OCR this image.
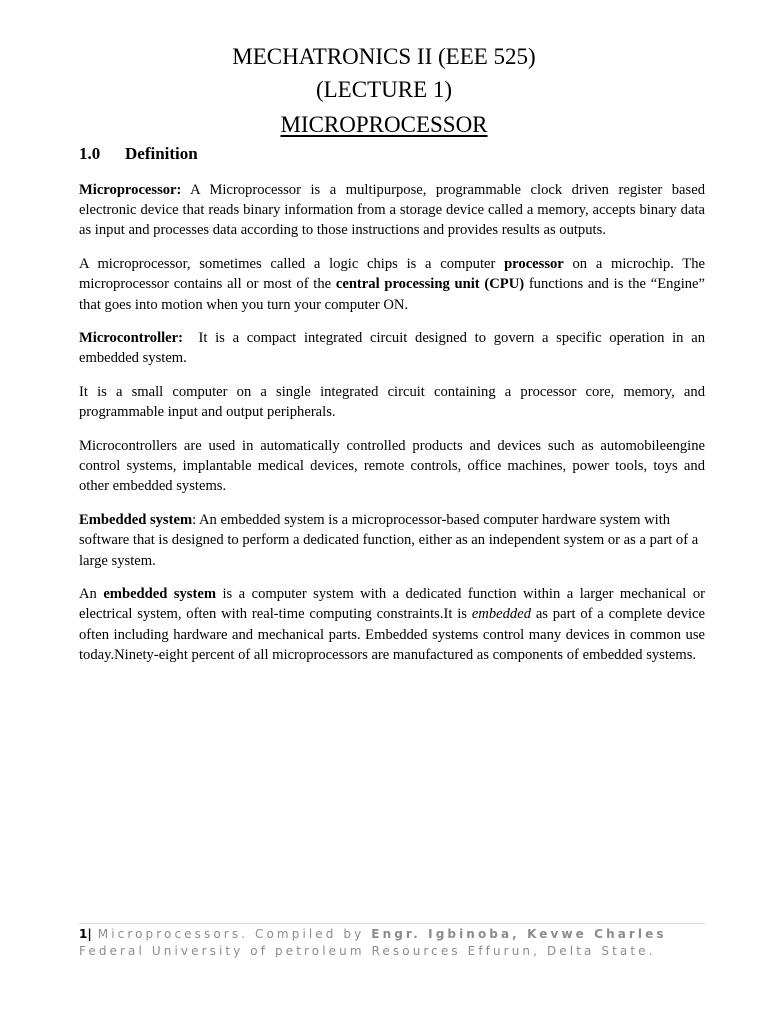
MECHATRONICS II (EEE 525)
(LECTURE 1)
MICROPROCESSOR
1.0 Definition

Microprocessor: A Microprocessor is a multipurpose, programmable clock driven register based electronic device that reads binary information from a storage device called a memory, accepts binary data as input and processes data according to those instructions and provides results as outputs.

A microprocessor, sometimes called a logic chips is a computer processor on a microchip. The microprocessor contains all or most of the central processing unit (CPU) functions and is the “Engine” that goes into motion when you turn your computer ON.

Microcontroller:  It is a compact integrated circuit designed to govern a specific operation in an embedded system.

It is a small computer on a single integrated circuit containing a processor core, memory, and programmable input and output peripherals.

Microcontrollers are used in automatically controlled products and devices such as automobileengine control systems, implantable medical devices, remote controls, office machines, power tools, toys and other embedded systems.

Embedded system: An embedded system is a microprocessor-based computer hardware system with software that is designed to perform a dedicated function, either as an independent system or as a part of a large system.

An embedded system is a computer system with a dedicated function within a larger mechanical or electrical system, often with real-time computing constraints.It is embedded as part of a complete device often including hardware and mechanical parts. Embedded systems control many devices in common use today.Ninety-eight percent of all microprocessors are manufactured as components of embedded systems.

1| Microprocessors. Compiled by Engr. Igbinoba, Kevwe Charles
Federal University of petroleum Resources Effurun, Delta State.
